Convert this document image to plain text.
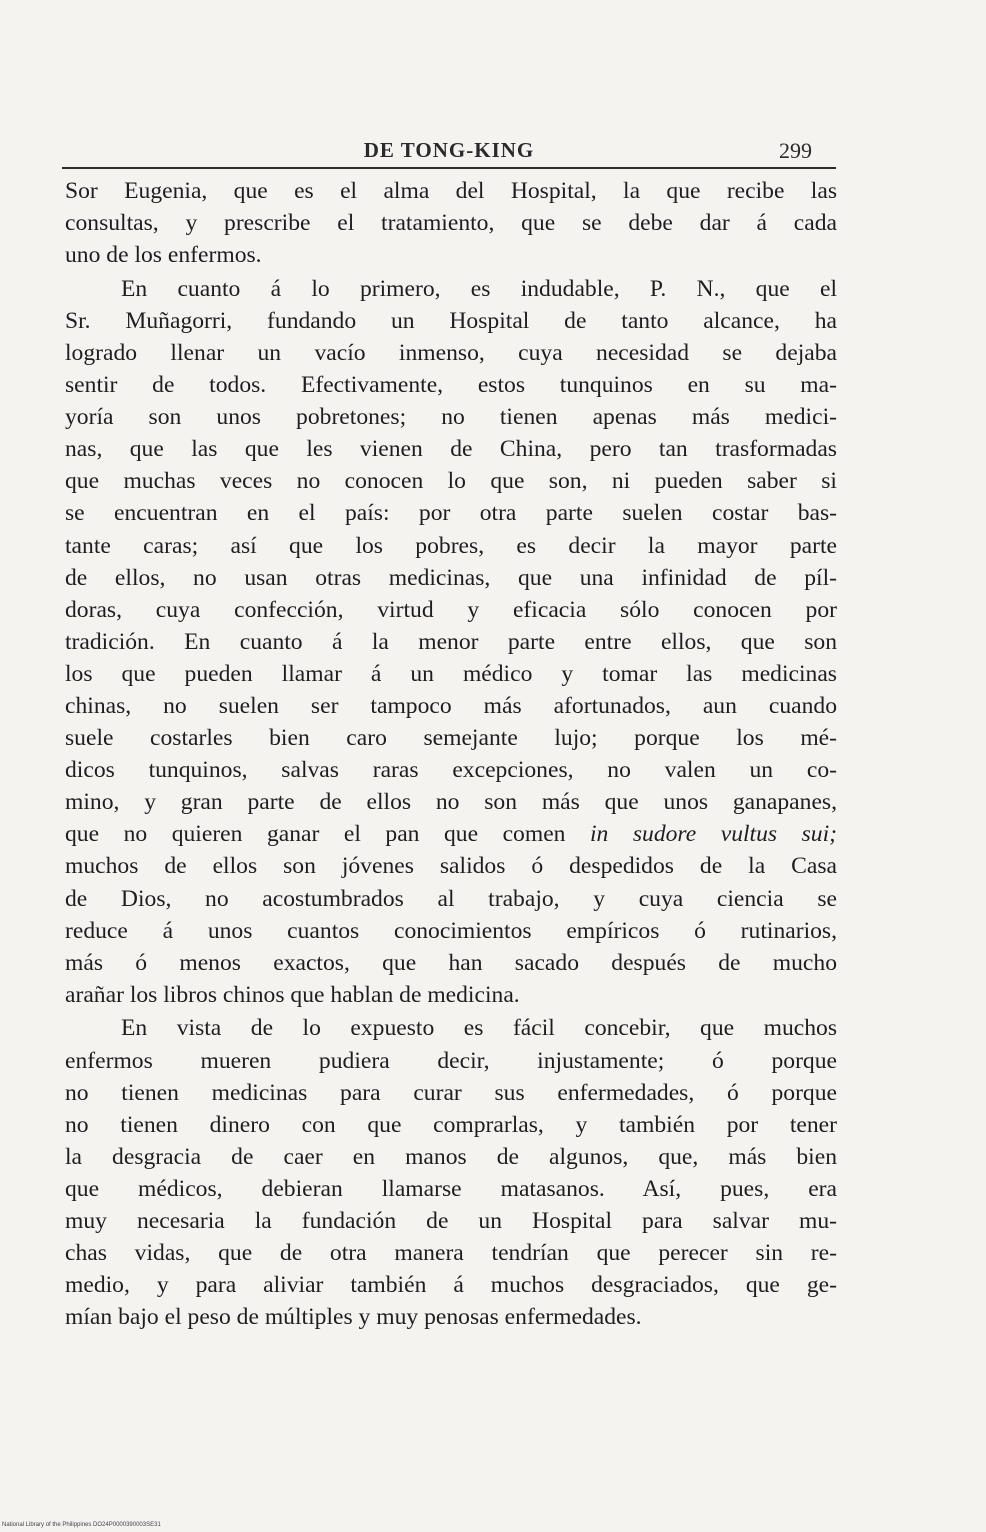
DE TONG-KING	299

Sor Eugenia, que es el alma del Hospital, la que recibe las
consultas, y prescribe el tratamiento, que se debe dar á cada
uno de los enfermos.

En cuanto á lo primero, es indudable, P. N., que el
Sr. Muñagorri, fundando un Hospital de tanto alcance, ha
logrado llenar un vacío inmenso, cuya necesidad se dejaba
sentir de todos. Efectivamente, estos tunquinos en su ma-
yoría son unos pobretones; no tienen apenas más medici-
nas, que las que les vienen de China, pero tan trasformadas
que muchas veces no conocen lo que son, ni pueden saber si
se encuentran en el país: por otra parte suelen costar bas-
tante caras; así que los pobres, es decir la mayor parte
de ellos, no usan otras medicinas, que una infinidad de píl-
doras, cuya confección, virtud y eficacia sólo conocen por
tradición. En cuanto á la menor parte entre ellos, que son
los que pueden llamar á un médico y tomar las medicinas
chinas, no suelen ser tampoco más afortunados, aun cuando
suele costarles bien caro semejante lujo; porque los mé-
dicos tunquinos, salvas raras excepciones, no valen un co-
mino, y gran parte de ellos no son más que unos ganapanes,
que no quieren ganar el pan que comen in sudore vultus sui;
muchos de ellos son jóvenes salidos ó despedidos de la Casa
de Dios, no acostumbrados al trabajo, y cuya ciencia se
reduce á unos cuantos conocimientos empíricos ó rutinarios,
más ó menos exactos, que han sacado después de mucho
arañar los libros chinos que hablan de medicina.

En vista de lo expuesto es fácil concebir, que muchos
enfermos mueren pudiera decir, injustamente; ó porque
no tienen medicinas para curar sus enfermedades, ó porque
no tienen dinero con que comprarlas, y también por tener
la desgracia de caer en manos de algunos, que, más bien
que médicos, debieran llamarse matasanos. Así, pues, era
muy necesaria la fundación de un Hospital para salvar mu-
chas vidas, que de otra manera tendrían que perecer sin re-
medio, y para aliviar también á muchos desgraciados, que ge-
mían bajo el peso de múltiples y muy penosas enfermedades.

National Library of the Philippines DO24P0000390003SE31
